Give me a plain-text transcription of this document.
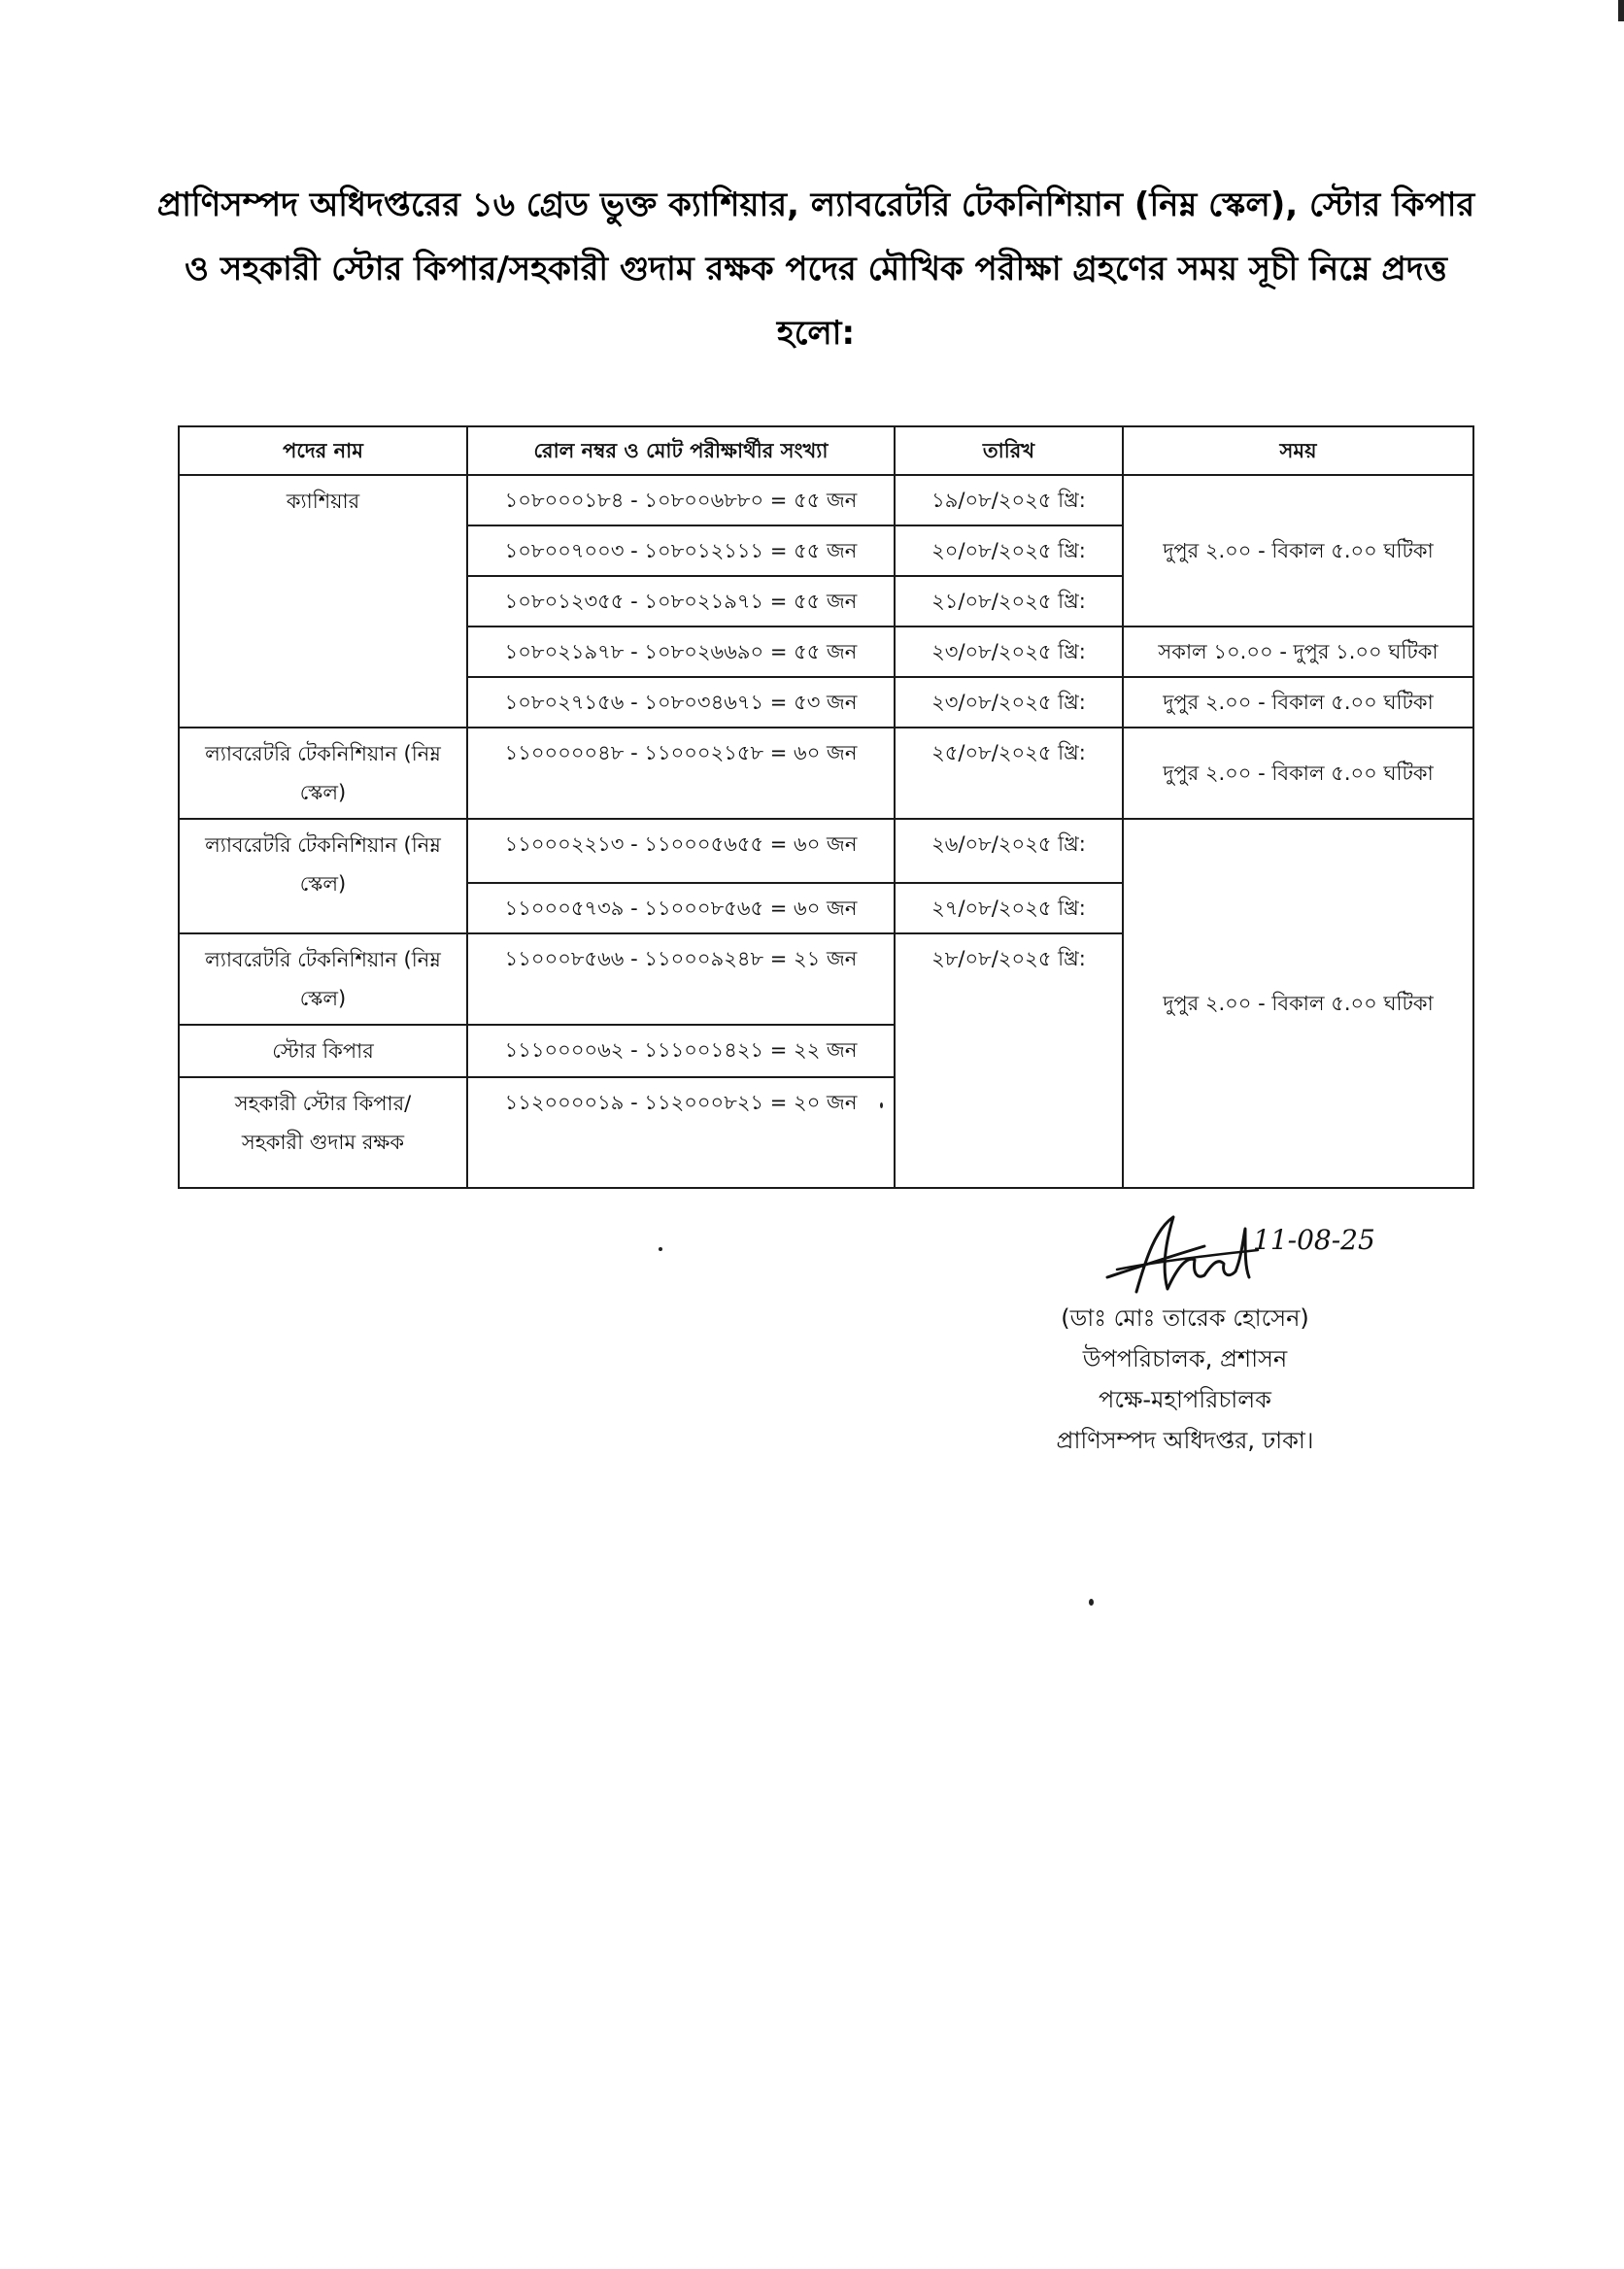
প্রাণিসম্পদ অধিদপ্তরের ১৬ গ্রেড ভুক্ত ক্যাশিয়ার, ল্যাবরেটরি টেকনিশিয়ান (নিম্ন স্কেল), স্টোর কিপার ও সহকারী স্টোর কিপার/সহকারী গুদাম রক্ষক পদের মৌখিক পরীক্ষা গ্রহণের সময় সূচী নিম্নে প্রদত্ত হলো:
পদের নাম	রোল নম্বর ও মোট পরীক্ষার্থীর সংখ্যা	তারিখ	সময়
ক্যাশিয়ার	১০৮০০০১৮৪ - ১০৮০০৬৮৮০ = ৫৫ জন	১৯/০৮/২০২৫ খ্রি:	দুপুর ২.০০ - বিকাল ৫.০০ ঘটিকা
	১০৮০০৭০০৩ - ১০৮০১২১১১ = ৫৫ জন	২০/০৮/২০২৫ খ্রি:	
	১০৮০১২৩৫৫ - ১০৮০২১৯৭১ = ৫৫ জন	২১/০৮/২০২৫ খ্রি:	
	১০৮০২১৯৭৮ - ১০৮০২৬৬৯০ = ৫৫ জন	২৩/০৮/২০২৫ খ্রি:	সকাল ১০.০০ - দুপুর ১.০০ ঘটিকা
	১০৮০২৭১৫৬ - ১০৮০৩৪৬৭১ = ৫৩ জন	২৩/০৮/২০২৫ খ্রি:	দুপুর ২.০০ - বিকাল ৫.০০ ঘটিকা
ল্যাবরেটরি টেকনিশিয়ান (নিম্ন স্কেল)	১১০০০০০৪৮ - ১১০০০২১৫৮ = ৬০ জন	২৫/০৮/২০২৫ খ্রি:	দুপুর ২.০০ - বিকাল ৫.০০ ঘটিকা
ল্যাবরেটরি টেকনিশিয়ান (নিম্ন স্কেল)	১১০০০২২১৩ - ১১০০০৫৬৫৫ = ৬০ জন	২৬/০৮/২০২৫ খ্রি:	দুপুর ২.০০ - বিকাল ৫.০০ ঘটিকা
	১১০০০৫৭৩৯ - ১১০০০৮৫৬৫ = ৬০ জন	২৭/০৮/২০২৫ খ্রি:	
ল্যাবরেটরি টেকনিশিয়ান (নিম্ন স্কেল)	১১০০০৮৫৬৬ - ১১০০০৯২৪৮ = ২১ জন	২৮/০৮/২০২৫ খ্রি:	
স্টোর কিপার	১১১০০০০৬২ - ১১১০০১৪২১ = ২২ জন		
সহকারী স্টোর কিপার/সহকারী গুদাম রক্ষক	১১২০০০০১৯ - ১১২০০০৮২১ = ২০ জন		
11-08-25
(ডাঃ মোঃ তারেক হোসেন)
উপপরিচালক, প্রশাসন
পক্ষে-মহাপরিচালক
প্রাণিসম্পদ অধিদপ্তর, ঢাকা।
